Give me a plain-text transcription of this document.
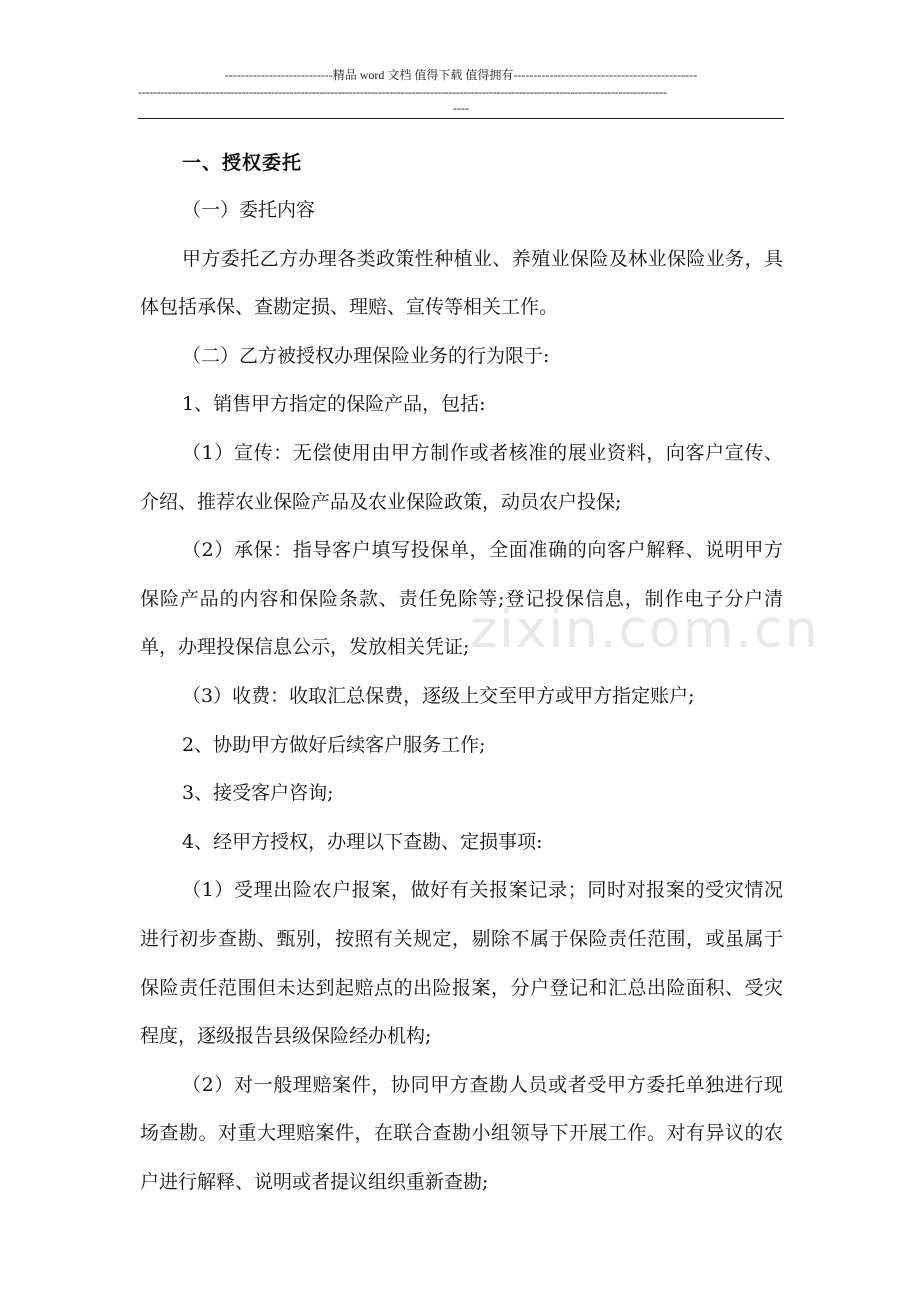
---------------------------精品 word 文档 值得下载 值得拥有----------------------------------------------
-----------------------------------------------------------------------------------------------------------------------------------------------
----
zixin.com.cn
一、授权委托

（一）委托内容

甲方委托乙方办理各类政策性种植业、养殖业保险及林业保险业务，具体包括承保、查勘定损、理赔、宣传等相关工作。

（二）乙方被授权办理保险业务的行为限于:

1、销售甲方指定的保险产品，包括:

（1）宣传：无偿使用由甲方制作或者核准的展业资料，向客户宣传、介绍、推荐农业保险产品及农业保险政策，动员农户投保;

（2）承保：指导客户填写投保单，全面准确的向客户解释、说明甲方保险产品的内容和保险条款、责任免除等;登记投保信息，制作电子分户清单，办理投保信息公示，发放相关凭证;

（3）收费：收取汇总保费，逐级上交至甲方或甲方指定账户;

2、协助甲方做好后续客户服务工作;

3、接受客户咨询;

4、经甲方授权，办理以下查勘、定损事项:

（1）受理出险农户报案，做好有关报案记录；同时对报案的受灾情况进行初步查勘、甄别，按照有关规定，剔除不属于保险责任范围，或虽属于保险责任范围但未达到起赔点的出险报案，分户登记和汇总出险面积、受灾程度，逐级报告县级保险经办机构;

（2）对一般理赔案件，协同甲方查勘人员或者受甲方委托单独进行现场查勘。对重大理赔案件，在联合查勘小组领导下开展工作。对有异议的农户进行解释、说明或者提议组织重新查勘;
